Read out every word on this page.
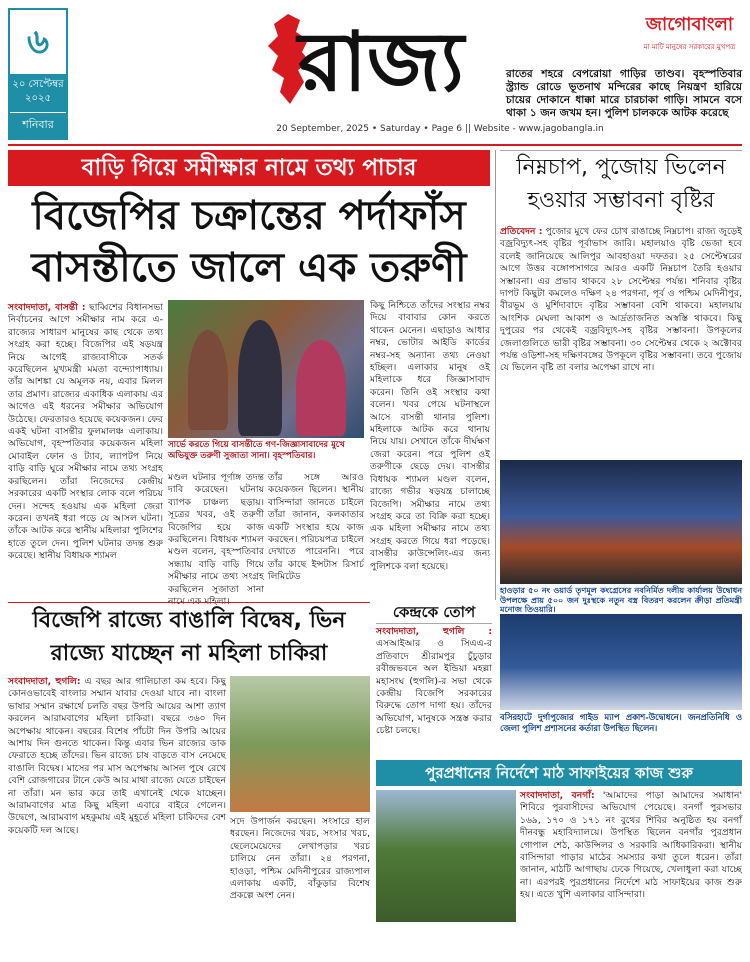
৬
২০ সেপ্টেম্বর ২০২৫
শনিবার
রাজ্য
20 September, 2025 • Saturday • Page 6 || Website - www.jagobangla.in
জাগোবাংলা
মা মাটি মানুষের সরকারের মুখপত্র
রাতের শহরে বেপরোয়া গাড়ির তাণ্ডব। বৃহস্পতিবার স্ট্র্যান্ড রোডে ভূতনাথ মন্দিরের কাছে নিয়ন্ত্রণ হারিয়ে চায়ের দোকানে ধাক্কা মারে চারচাকা গাড়ি। সামনে বসে থাকা ১ জন জখম হন। পুলিশ চালককে আটক করেছে
বাড়ি গিয়ে সমীক্ষার নামে তথ্য পাচার
বিজেপির চক্রান্তের পর্দাফাঁস বাসন্তীতে জালে এক তরুণী
সংবাদদাতা, বাসন্তী : ছাব্বিশের বিধানসভা নির্বাচনের আগে সমীক্ষার নাম করে এ-রাজ্যের সাধারণ মানুষের কাছ থেকে তথ্য সংগ্রহ করা হচ্ছে। বিজেপির এই ষড়যন্ত্র নিয়ে আগেই রাজ্যবাসীকে সতর্ক করেছিলেন মুখ্যমন্ত্রী মমতা বন্দ্যোপাধ্যায়। তাঁর আশঙ্কা যে অমূলক নয়, এবার মিলল তার প্রমাণ। রাজ্যের একাধিক এলাকায় এর আগেও এই ধরনের সমীক্ষার অভিযোগ উঠেছে। ফেরতারও হয়েছে কয়েকজন। ফের একই ঘটনা বাসন্তীর ফুলমালঞ্চ এলাকায়। অভিযোগ, বৃহস্পতিবার কয়েকজন মহিলা মোবাইল ফোন ও ট্যাব, ল্যাপটপ নিয়ে বাড়ি বাড়ি ঘুরে সমীক্ষার নামে তথ্য সংগ্রহ করছিলেন। তাঁরা নিজেদের কেন্দ্রীয় সরকারের একটি সংস্থার লোক বলে পরিচয় দেন। সন্দেহ হওয়ায় এক মহিলা জেরা করেন। তখনই ধরা পড়ে যে আসল ঘটনা। তাঁকে আটক করে স্থানীয় মহিলারা পুলিশের হাতে তুলে দেন। পুলিশ ঘটনার তদন্ত শুরু করেছে। স্থানীয় বিধায়ক শ্যামল
সার্ভে করতে গিয়ে বাসন্তীতে গণ-জিজ্ঞাসাবাদের মুখে অভিযুক্ত তরুণী সুজাতা সানা। বৃহস্পতিবার।
মণ্ডল ঘটনার পূর্ণাঙ্গ তদন্ত দাবি করেছেন। ঘটনায় ব্যাপক চাঞ্চল্য ছড়ায়। সূত্রের খবর, ওই তরুণী বিজেপির হয়ে কাজ করছিলেন। বিধায়ক শ্যামল মণ্ডল বলেন, বৃহস্পতিবার সন্ধ্যায় বাড়ি বাড়ি গিয়ে সমীক্ষার নামে তথ্য সংগ্রহ করছিলেন সুজাতা সানা
তাঁর সঙ্গে আরও কয়েকজন ছিলেন। স্থানীয় বাসিন্দারা জানতে চাইলে তাঁরা জানান, কলকাতার একটি সংস্থার হয়ে কাজ করছেন। পরিচয়পত্র চাইলে দেখাতে পারেননি। পরে তাঁর কাছে ইন্সটাস রিসার্চ লিমিটেড
কিছু নিশ্চিতে তাঁদের সংস্থার নম্বর দিয়ে বাবাবার কোন করতে থাকেন মেনেন। এছাড়াও আধার নম্বর, ভোটার আইডি কার্ডের নম্বর-সহ অন্যান্য তথ্য নেওয়া হচ্ছিল। এলাকার মানুষ ওই মহিলাকে ধরে জিজ্ঞাসাবাদ করেন। তিনি ওই সংস্থার কথা বলেন। খবর পেয়ে ঘটনাস্থলে আসে বাসন্তী থানার পুলিশ। মহিলাকে আটক করে থানায় নিয়ে যায়। সেখানে তাঁকে দীর্ঘক্ষণ জেরা করেন। পরে পুলিশ ওই তরুণীকে ছেড়ে দেয়। বাসন্তীর বিধায়ক শ্যামল মণ্ডল বলেন, রাজ্যে গভীর ষড়যন্ত্র চালাচ্ছে বিজেপি। সমীক্ষার নামে তথ্য সংগ্রহ করে তা বিক্রি করা হচ্ছে। এক মহিলা সমীক্ষার নামে তথ্য সংগ্রহ করতে গিয়ে ধরা পড়েছে। বাসন্তীর কাউন্সেলিং-এর জন্য পুলিশকে বলা হয়েছে।
নিম্নচাপ, পুজোয় ভিলেন হওয়ার সম্ভাবনা বৃষ্টির
প্রতিবেদন : পুজোর মুখে ফের চোখ রাঙাচ্ছে নিম্নচাপ। রাজ্য জুড়েই বজ্রবিদ্যুৎ-সহ বৃষ্টির পূর্বাভাস জারি। মহালয়াও বৃষ্টি ভেজা হবে বলেই জানিয়েছে আলিপুর আবহাওয়া দফতর। ২৫ সেপ্টেম্বরের আগে উত্তর বঙ্গোপসাগরে আরও একটি নিম্নচাপ তৈরি হওয়ার সম্ভাবনা। এর প্রভাব থাকবে ২৮ সেপ্টেম্বর পর্যন্ত। শনিবার বৃষ্টির দাপট কিছুটা কমলেও দক্ষিণ ২৪ পরগনা, পূর্ব ও পশ্চিম মেদিনীপুর, বীরভূম ও মুর্শিদাবাদে বৃষ্টির সম্ভাবনা বেশি থাকবে। মহালয়ায় আংশিক মেঘলা আকাশ ও আর্দ্রতাজনিত অস্বস্তি থাকবে। কিছু দুপুরের পর থেকেই বজ্রবিদ্যুৎ-সহ বৃষ্টির সম্ভাবনা। উপকূলের জেলাগুলিতে ভারী বৃষ্টির সম্ভাবনা। ৩০ সেপ্টেম্বর থেকে ২ অক্টোবর পর্যন্ত ওড়িশা-সহ দক্ষিণবঙ্গের উপকূলে বৃষ্টির সম্ভাবনা। তবে পুজোয় যে ভিলেন বৃষ্টি তা বলার অপেক্ষা রাখে না।
হাওড়ার ৫০ নং ওয়ার্ড তৃণমূল কংগ্রেসের নবনির্মিত দলীয় কার্যালয় উদ্বোধন উপলক্ষে প্রায় ৫০০ জন দুঃস্থকে নতুন বস্ত্র বিতরণ করলেন ক্রীড়া প্রতিমন্ত্রী মনোজ তিওয়ারি।
বিজেপি রাজ্যে বাঙালি বিদ্বেষ, ভিন রাজ্যে যাচ্ছেন না মহিলা চাকিরা
সংবাদদাতা, হুগলি: এ বছর আর গালিচাতা কম হবে। কিছু কোনওভাবেই বাংলার সম্মান যাবার দেওয়া যাবে না। বাংলা ভাষার সম্মান রক্ষার্থে চলতি বছর উপরি আয়ের আশা ত্যাগ করলেন আরামবাগের মহিলা চাকিরা। বছরে ৩৬০ দিন অপেক্ষায় থাকেন। বছরের বিশেষ পাঁচটা দিন উপরি আয়ের আশায় দিন গুনতে থাকেন। কিন্তু এবার ভিন রাজ্যের ডাক ফেরাতে হচ্ছে তাঁদের। ভিন রাজ্যে চাষ বাড়তে বাস নেমেছে বাঙালি বিদ্বেষ। মাসের পর মাস অপেক্ষায় আসল পুষে রেখে বেশি রোজগারের টানে কেউ আর মাথা রাজ্যে যেতে চাইছেন না তাঁরা। মন ভার করে তাই এখানেই থেকে যাচ্ছেন। আরামবাগের মাত্র কিছু মহিলা এবারে বাইরে গেলেন। উদ্বেগে, আরামবাগ মহকুমায় এই মুহূর্তে মহিলা চাকিদের বেশ কয়েকটি দল আছে।
সদে উপার্জন করছেন। সংসারে হাল ধরছেন। নিজেদের খরচ, সংসার খরচ, ছেলেমেয়েদের লেখাপড়ার খরচ চালিয়ে নেন তাঁরা। ২৪ পরগনা, হাওড়া, পশ্চিম মেদিনীপুরের রাজ্যপাল এলাকায় একটি, বাঁকুড়ার বিশেষ প্রকল্পে অংশ নেন।
কেন্দ্রকে তোপ
সংবাদদাতা, হুগলি : এসআইআর ও সিএএ-র প্রতিবাদে শ্রীরামপুর চুঁচুড়ার রবীন্দ্রভবনে অল ইন্ডিয়া মহল্লা মহাসংঘ (হুগলি)-র সভা থেকে কেন্দ্রীয় বিজেপি সরকারের বিরুদ্ধে তোপ দাগা হয়। তাঁদের অভিযোগ, মানুষকে সন্ত্রস্ত করার চেষ্টা চলছে।
বসিরহাটে দুর্গাপুজোর গাইড ম্যাপ প্রকাশ-উদ্বোধনে। জনপ্রতিনিধি ও জেলা পুলিশ প্রশাসনের কর্তারা উপস্থিত ছিলেন।
পুরপ্রধানের নির্দেশে মাঠ সাফাইয়ের কাজ শুরু
সংবাদদাতা, বনগাঁ: 'আমাদের পাড়া আমাদের সমাধান' শিবিরে পুরবাসীদের অভিযোগ পেয়েছে। বনগাঁ পুরসভার ১৬৯, ১৭০ ও ১৭১ নং বুথের শিবির অনুষ্ঠিত হয় বনগাঁ দীনবন্ধু মহাবিদ্যালয়ে। উপস্থিত ছিলেন বনগাঁর পুরপ্রধান গোপাল শেঠ, কাউন্সিলর ও সরকারি আধিকারিকরা। স্থানীয় বাসিন্দারা পাড়ার মাঠের সমস্যার কথা তুলে ধরেন। তাঁরা জানান, মাঠটি আগাছায় ঢেকে গিয়েছে, খেলাধুলা করা যাচ্ছে না। এরপরই পুরপ্রধানের নির্দেশে মাঠ সাফাইয়ের কাজ শুরু হয়। এতে খুশি এলাকার বাসিন্দারা।
